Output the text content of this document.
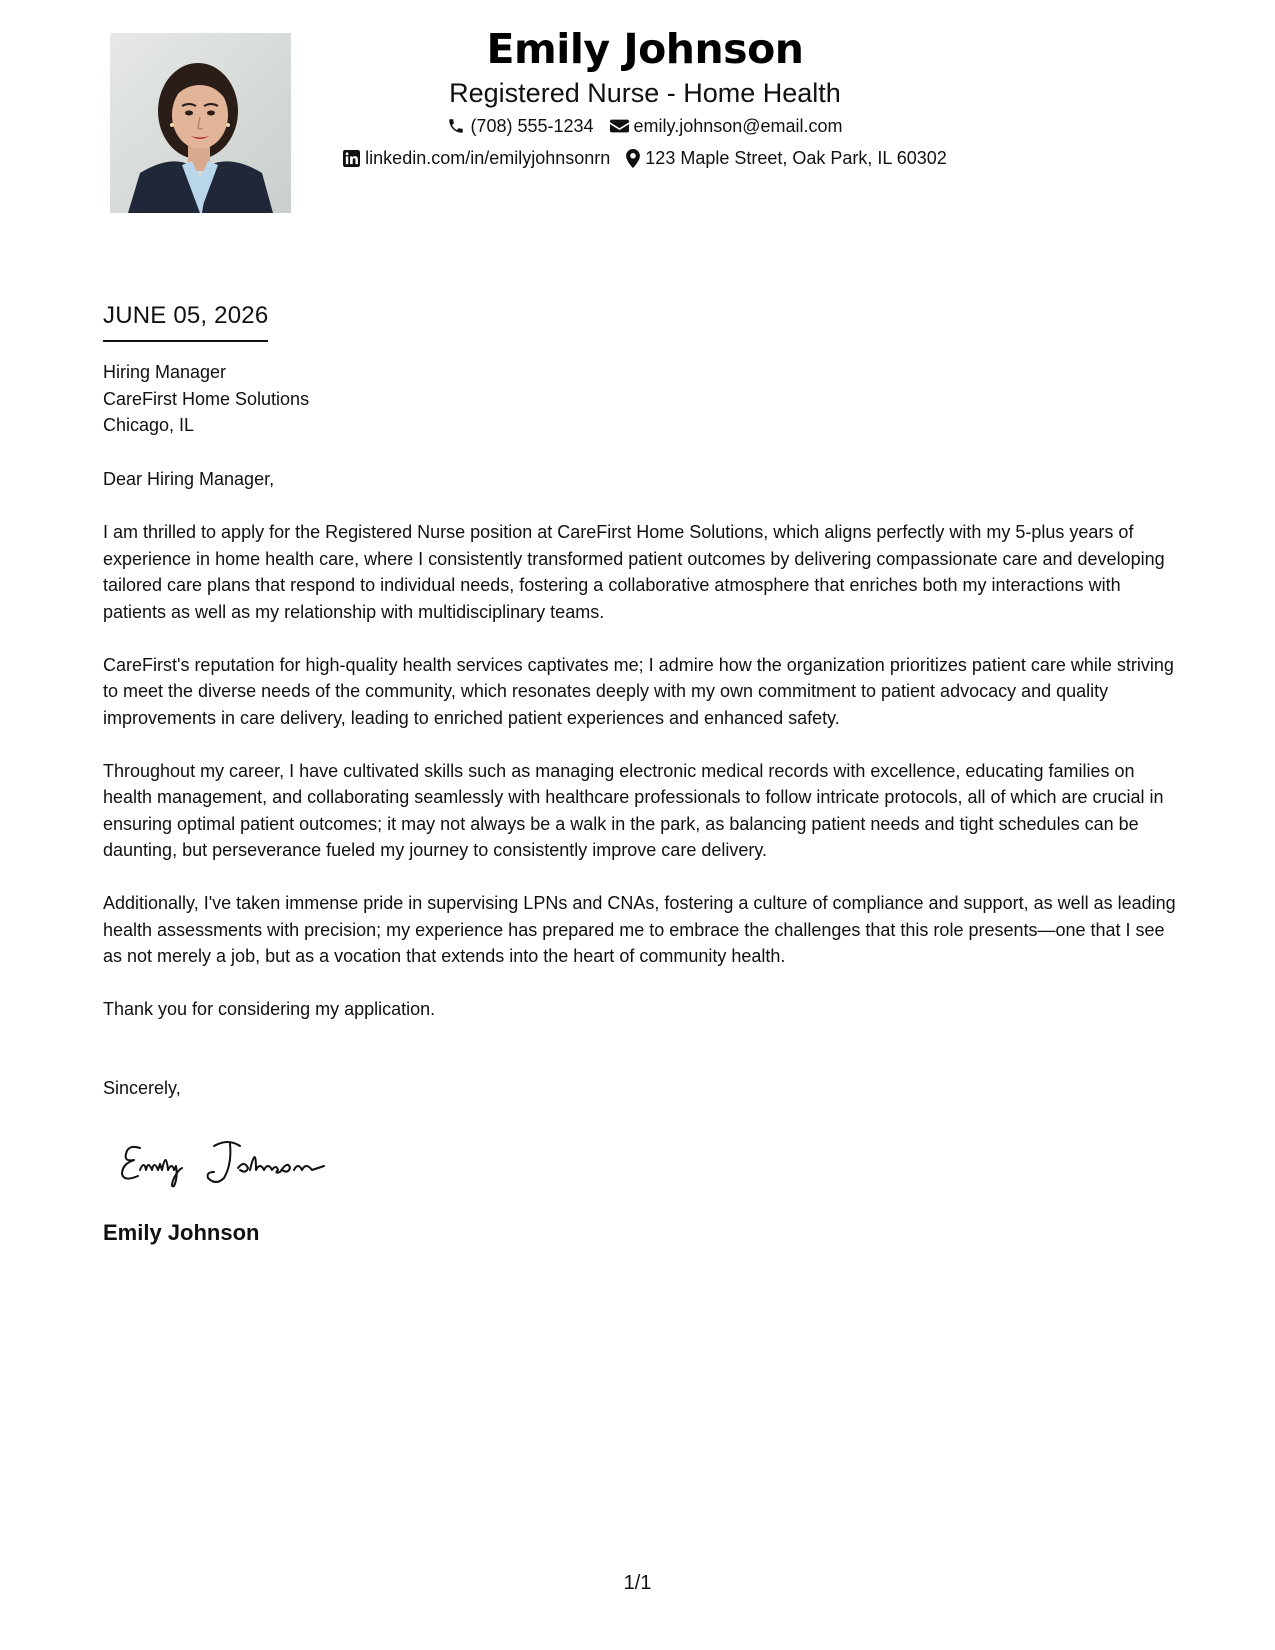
Emily Johnson
Registered Nurse - Home Health
(708) 555-1234 emily.johnson@email.com
linkedin.com/in/emilyjohnsonrn 123 Maple Street, Oak Park, IL 60302
JUNE 05, 2026
Hiring Manager
CareFirst Home Solutions
Chicago, IL

Dear Hiring Manager,

I am thrilled to apply for the Registered Nurse position at CareFirst Home Solutions, which aligns perfectly with my 5-plus years of experience in home health care, where I consistently transformed patient outcomes by delivering compassionate care and developing tailored care plans that respond to individual needs, fostering a collaborative atmosphere that enriches both my interactions with patients as well as my relationship with multidisciplinary teams.

CareFirst's reputation for high-quality health services captivates me; I admire how the organization prioritizes patient care while striving to meet the diverse needs of the community, which resonates deeply with my own commitment to patient advocacy and quality improvements in care delivery, leading to enriched patient experiences and enhanced safety.

Throughout my career, I have cultivated skills such as managing electronic medical records with excellence, educating families on health management, and collaborating seamlessly with healthcare professionals to follow intricate protocols, all of which are crucial in ensuring optimal patient outcomes; it may not always be a walk in the park, as balancing patient needs and tight schedules can be daunting, but perseverance fueled my journey to consistently improve care delivery.

Additionally, I've taken immense pride in supervising LPNs and CNAs, fostering a culture of compliance and support, as well as leading health assessments with precision; my experience has prepared me to embrace the challenges that this role presents—one that I see as not merely a job, but as a vocation that extends into the heart of community health.

Thank you for considering my application.

Sincerely,
Emily Johnson
1/1
